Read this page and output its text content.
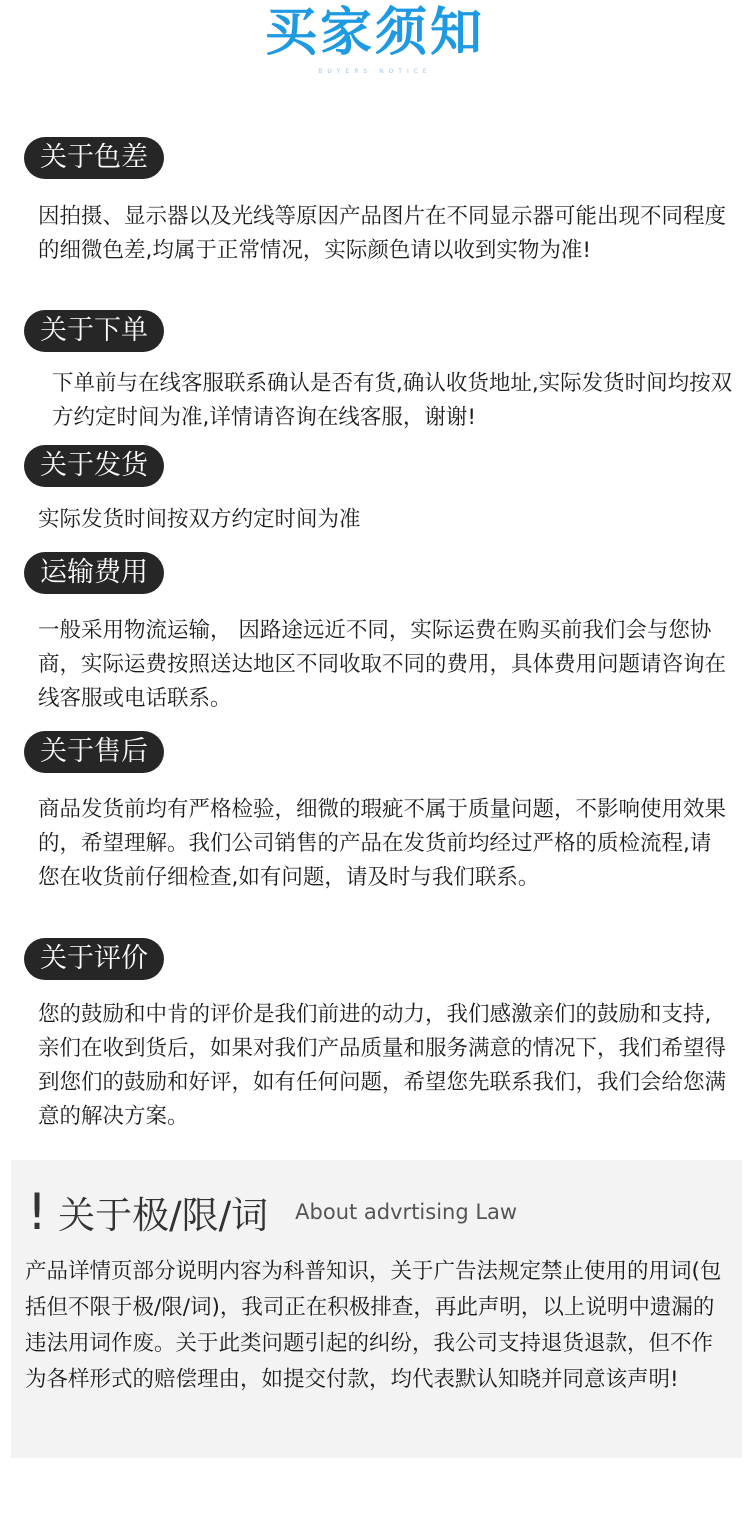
买家须知
BUYERS NOTICE
关于色差
因拍摄、显示器以及光线等原因产品图片在不同显示器可能出现不同程度的细微色差,均属于正常情况，实际颜色请以收到实物为准!
关于下单
下单前与在线客服联系确认是否有货,确认收货地址,实际发货时间均按双方约定时间为准,详情请咨询在线客服，谢谢!
关于发货
实际发货时间按双方约定时间为准
运输费用
一般采用物流运输， 因路途远近不同，实际运费在购买前我们会与您协商，实际运费按照送达地区不同收取不同的费用，具体费用问题请咨询在线客服或电话联系。
关于售后
商品发货前均有严格检验，细微的瑕疵不属于质量问题，不影响使用效果的，希望理解。我们公司销售的产品在发货前均经过严格的质检流程,请您在收货前仔细检查,如有问题，请及时与我们联系。
关于评价
您的鼓励和中肯的评价是我们前进的动力，我们感激亲们的鼓励和支持,亲们在收到货后，如果对我们产品质量和服务满意的情况下，我们希望得到您们的鼓励和好评，如有任何问题，希望您先联系我们，我们会给您满意的解决方案。
! 关于极/限/词 About advrtising Law
产品详情页部分说明内容为科普知识，关于广告法规定禁止使用的用词(包括但不限于极/限/词)，我司正在积极排查，再此声明，以上说明中遗漏的违法用词作废。关于此类问题引起的纠纷，我公司支持退货退款，但不作为各样形式的赔偿理由，如提交付款，均代表默认知晓并同意该声明!
